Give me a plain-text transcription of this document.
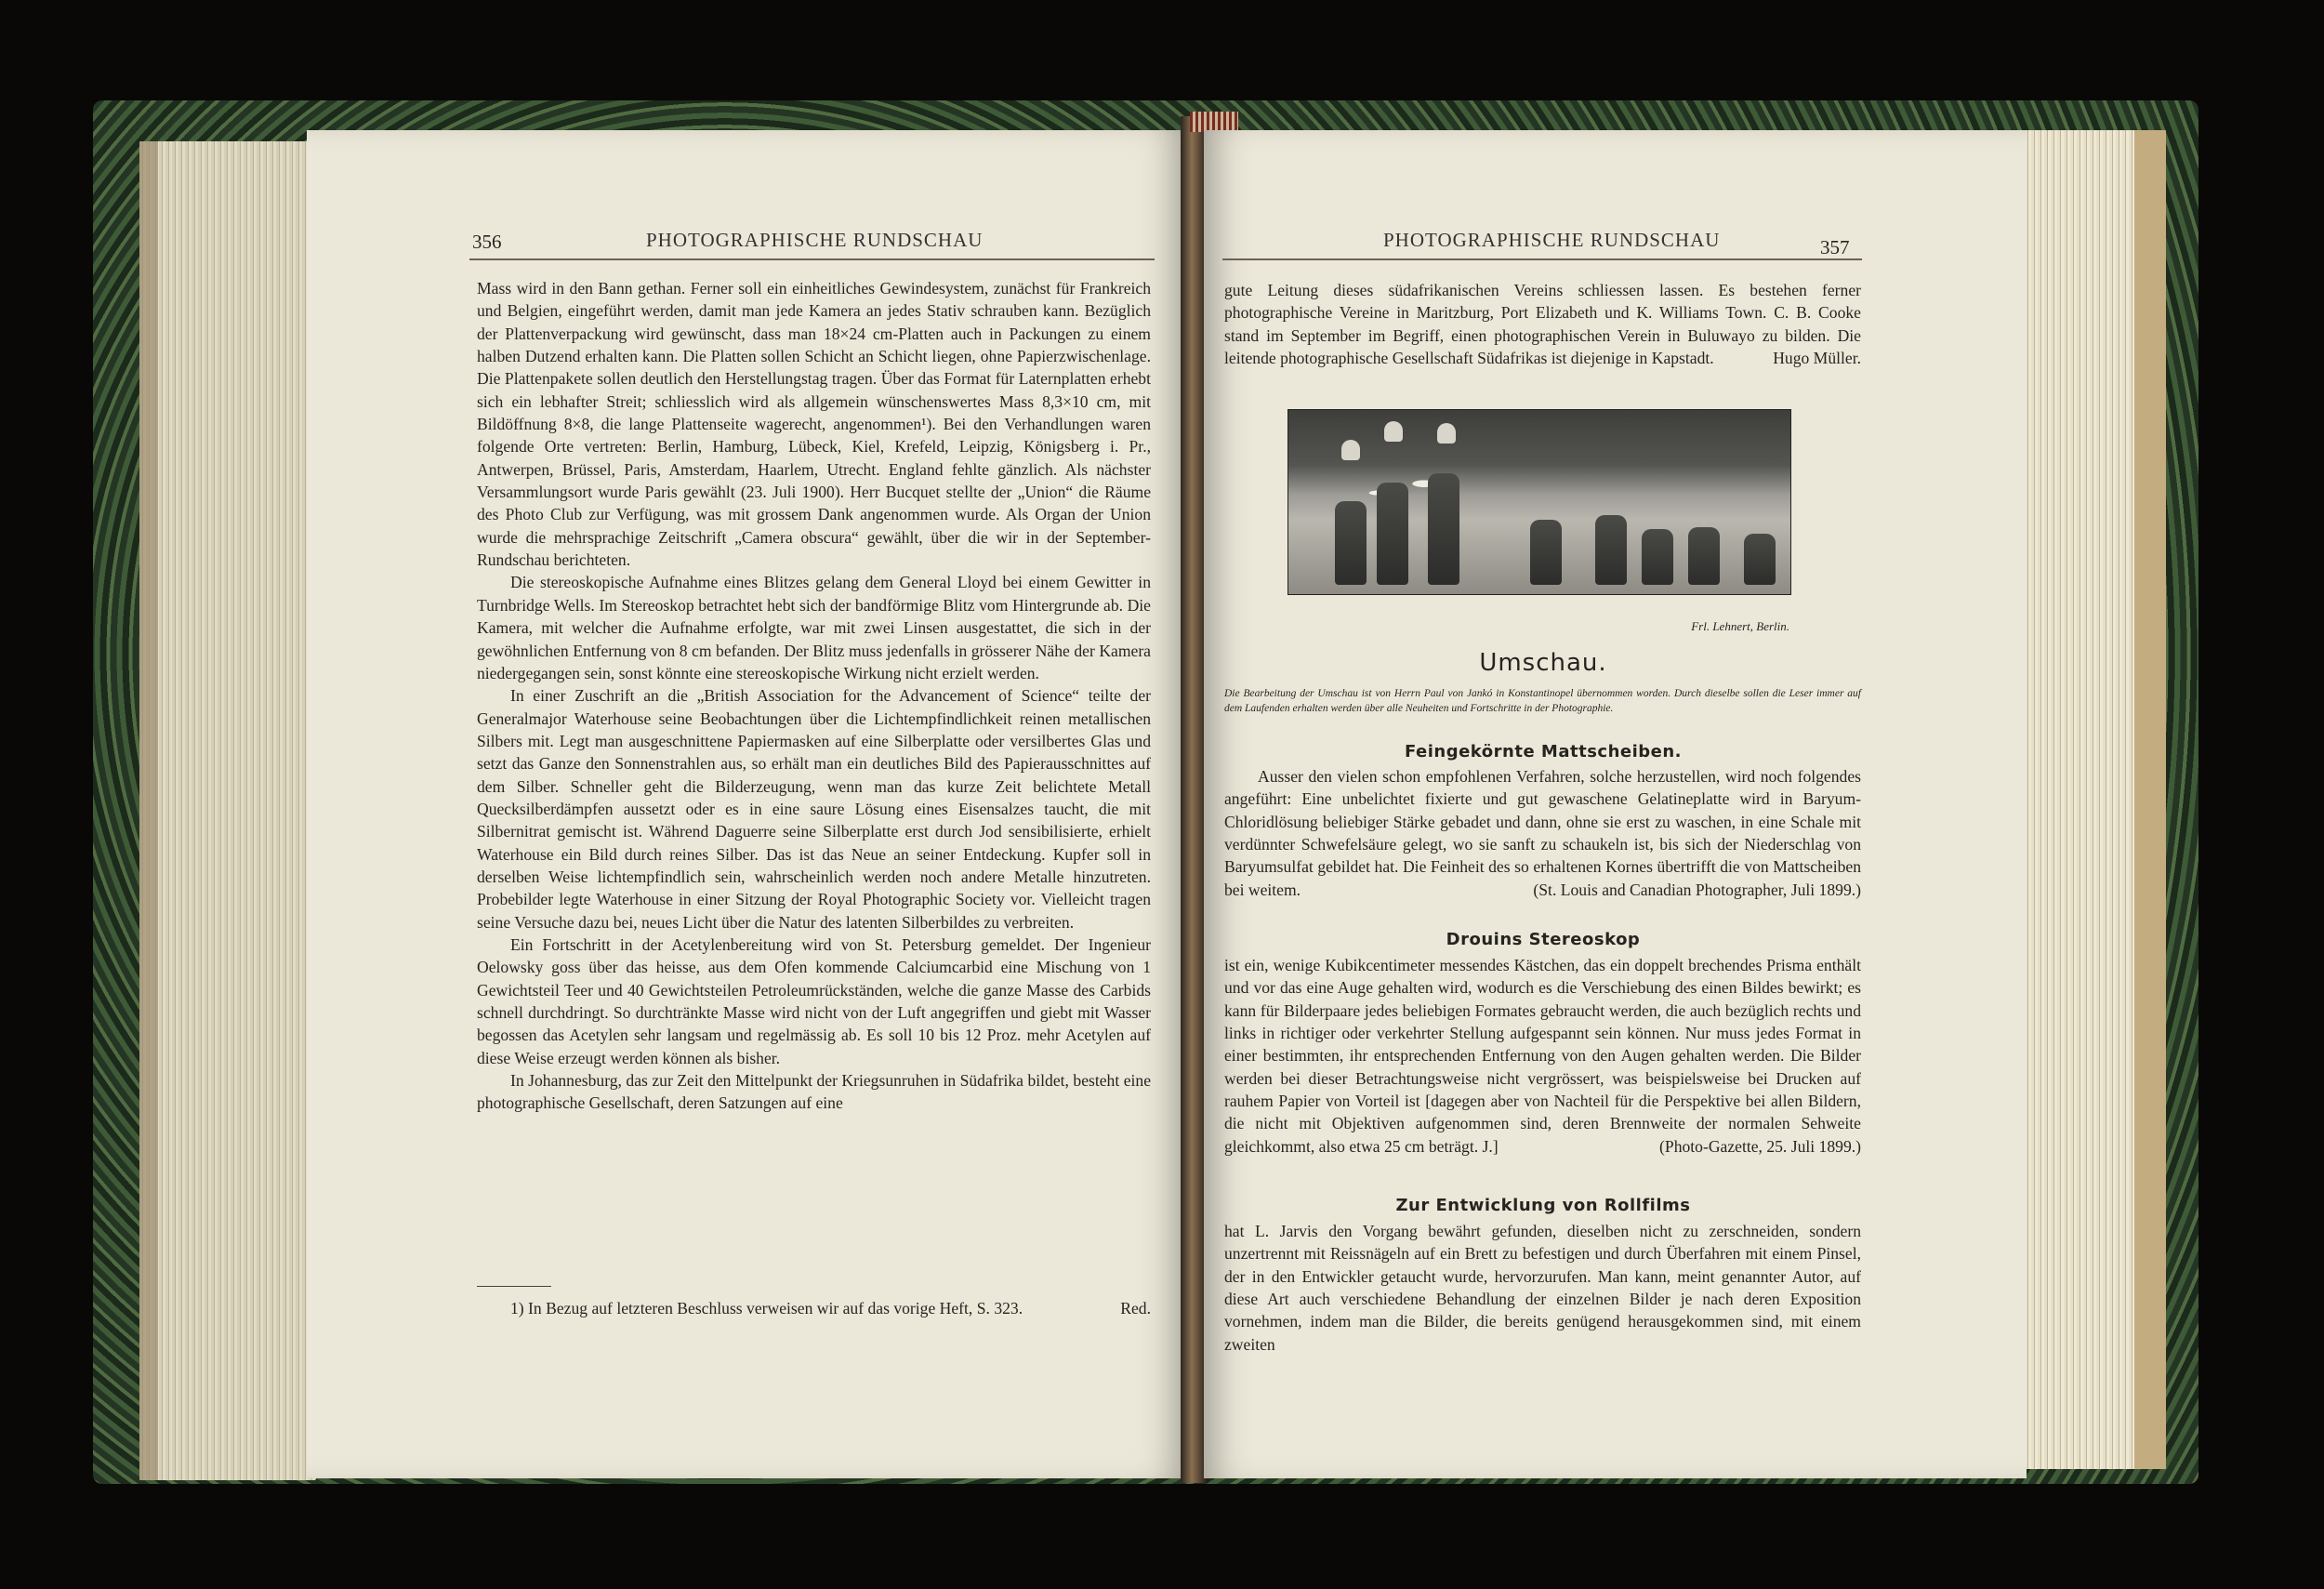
356	PHOTOGRAPHISCHE RUNDSCHAU

Mass wird in den Bann gethan. Ferner soll ein einheitliches Gewindesystem, zunächst für Frankreich und Belgien, eingeführt werden, damit man jede Kamera an jedes Stativ schrauben kann. Bezüglich der Plattenverpackung wird gewünscht, dass man 18×24 cm-Platten auch in Packungen zu einem halben Dutzend erhalten kann. Die Platten sollen Schicht an Schicht liegen, ohne Papierzwischenlage. Die Plattenpakete sollen deutlich den Herstellungstag tragen. Über das Format für Laternplatten erhebt sich ein lebhafter Streit; schliesslich wird als allgemein wünschenswertes Mass 8,3×10 cm, mit Bildöffnung 8×8, die lange Plattenseite wagerecht, angenommen¹). Bei den Verhandlungen waren folgende Orte vertreten: Berlin, Hamburg, Lübeck, Kiel, Krefeld, Leipzig, Königsberg i. Pr., Antwerpen, Brüssel, Paris, Amsterdam, Haarlem, Utrecht. England fehlte gänzlich. Als nächster Versammlungsort wurde Paris gewählt (23. Juli 1900). Herr Bucquet stellte der „Union“ die Räume des Photo Club zur Verfügung, was mit grossem Dank angenommen wurde. Als Organ der Union wurde die mehrsprachige Zeitschrift „Camera obscura“ gewählt, über die wir in der September-Rundschau berichteten.

Die stereoskopische Aufnahme eines Blitzes gelang dem General Lloyd bei einem Gewitter in Turnbridge Wells. Im Stereoskop betrachtet hebt sich der bandförmige Blitz vom Hintergrunde ab. Die Kamera, mit welcher die Aufnahme erfolgte, war mit zwei Linsen ausgestattet, die sich in der gewöhnlichen Entfernung von 8 cm befanden. Der Blitz muss jedenfalls in grösserer Nähe der Kamera niedergegangen sein, sonst könnte eine stereoskopische Wirkung nicht erzielt werden.

In einer Zuschrift an die „British Association for the Advancement of Science“ teilte der Generalmajor Waterhouse seine Beobachtungen über die Lichtempfindlichkeit reinen metallischen Silbers mit. Legt man ausgeschnittene Papiermasken auf eine Silberplatte oder versilbertes Glas und setzt das Ganze den Sonnenstrahlen aus, so erhält man ein deutliches Bild des Papierausschnittes auf dem Silber. Schneller geht die Bilderzeugung, wenn man das kurze Zeit belichtete Metall Quecksilberdämpfen aussetzt oder es in eine saure Lösung eines Eisensalzes taucht, die mit Silbernitrat gemischt ist. Während Daguerre seine Silberplatte erst durch Jod sensibilisierte, erhielt Waterhouse ein Bild durch reines Silber. Das ist das Neue an seiner Entdeckung. Kupfer soll in derselben Weise lichtempfindlich sein, wahrscheinlich werden noch andere Metalle hinzutreten. Probebilder legte Waterhouse in einer Sitzung der Royal Photographic Society vor. Vielleicht tragen seine Versuche dazu bei, neues Licht über die Natur des latenten Silberbildes zu verbreiten.

Ein Fortschritt in der Acetylenbereitung wird von St. Petersburg gemeldet. Der Ingenieur Oelowsky goss über das heisse, aus dem Ofen kommende Calciumcarbid eine Mischung von 1 Gewichtsteil Teer und 40 Gewichtsteilen Petroleumrückständen, welche die ganze Masse des Carbids schnell durchdringt. So durchtränkte Masse wird nicht von der Luft angegriffen und giebt mit Wasser begossen das Acetylen sehr langsam und regelmässig ab. Es soll 10 bis 12 Proz. mehr Acetylen auf diese Weise erzeugt werden können als bisher.

In Johannesburg, das zur Zeit den Mittelpunkt der Kriegsunruhen in Südafrika bildet, besteht eine photographische Gesellschaft, deren Satzungen auf eine

1) In Bezug auf letzteren Beschluss verweisen wir auf das vorige Heft, S. 323.	Red.
PHOTOGRAPHISCHE RUNDSCHAU	357

gute Leitung dieses südafrikanischen Vereins schliessen lassen. Es bestehen ferner photographische Vereine in Maritzburg, Port Elizabeth und K. Williams Town. C. B. Cooke stand im September im Begriff, einen photographischen Verein in Buluwayo zu bilden. Die leitende photographische Gesellschaft Südafrikas ist diejenige in Kapstadt.	Hugo Müller.
Frl. Lehnert, Berlin.
Umschau.
Die Bearbeitung der Umschau ist von Herrn Paul von Jankó in Konstantinopel übernommen worden. Durch dieselbe sollen die Leser immer auf dem Laufenden erhalten werden über alle Neuheiten und Fortschritte in der Photographie.
Feingekörnte Mattscheiben.

Ausser den vielen schon empfohlenen Verfahren, solche herzustellen, wird noch folgendes angeführt: Eine unbelichtet fixierte und gut gewaschene Gelatineplatte wird in Baryum-Chloridlösung beliebiger Stärke gebadet und dann, ohne sie erst zu waschen, in eine Schale mit verdünnter Schwefelsäure gelegt, wo sie sanft zu schaukeln ist, bis sich der Niederschlag von Baryumsulfat gebildet hat. Die Feinheit des so erhaltenen Kornes übertrifft die von Mattscheiben bei weitem.	(St. Louis and Canadian Photographer, Juli 1899.)
Drouins Stereoskop

ist ein, wenige Kubikcentimeter messendes Kästchen, das ein doppelt brechendes Prisma enthält und vor das eine Auge gehalten wird, wodurch es die Verschiebung des einen Bildes bewirkt; es kann für Bilderpaare jedes beliebigen Formates gebraucht werden, die auch bezüglich rechts und links in richtiger oder verkehrter Stellung aufgespannt sein können. Nur muss jedes Format in einer bestimmten, ihr entsprechenden Entfernung von den Augen gehalten werden. Die Bilder werden bei dieser Betrachtungsweise nicht vergrössert, was beispielsweise bei Drucken auf rauhem Papier von Vorteil ist [dagegen aber von Nachteil für die Perspektive bei allen Bildern, die nicht mit Objektiven aufgenommen sind, deren Brennweite der normalen Sehweite gleichkommt, also etwa 25 cm beträgt. J.]	(Photo-Gazette, 25. Juli 1899.)
Zur Entwicklung von Rollfilms

hat L. Jarvis den Vorgang bewährt gefunden, dieselben nicht zu zerschneiden, sondern unzertrennt mit Reissnägeln auf ein Brett zu befestigen und durch Überfahren mit einem Pinsel, der in den Entwickler getaucht wurde, hervorzurufen. Man kann, meint genannter Autor, auf diese Art auch verschiedene Behandlung der einzelnen Bilder je nach deren Exposition vornehmen, indem man die Bilder, die bereits genügend herausgekommen sind, mit einem zweiten
